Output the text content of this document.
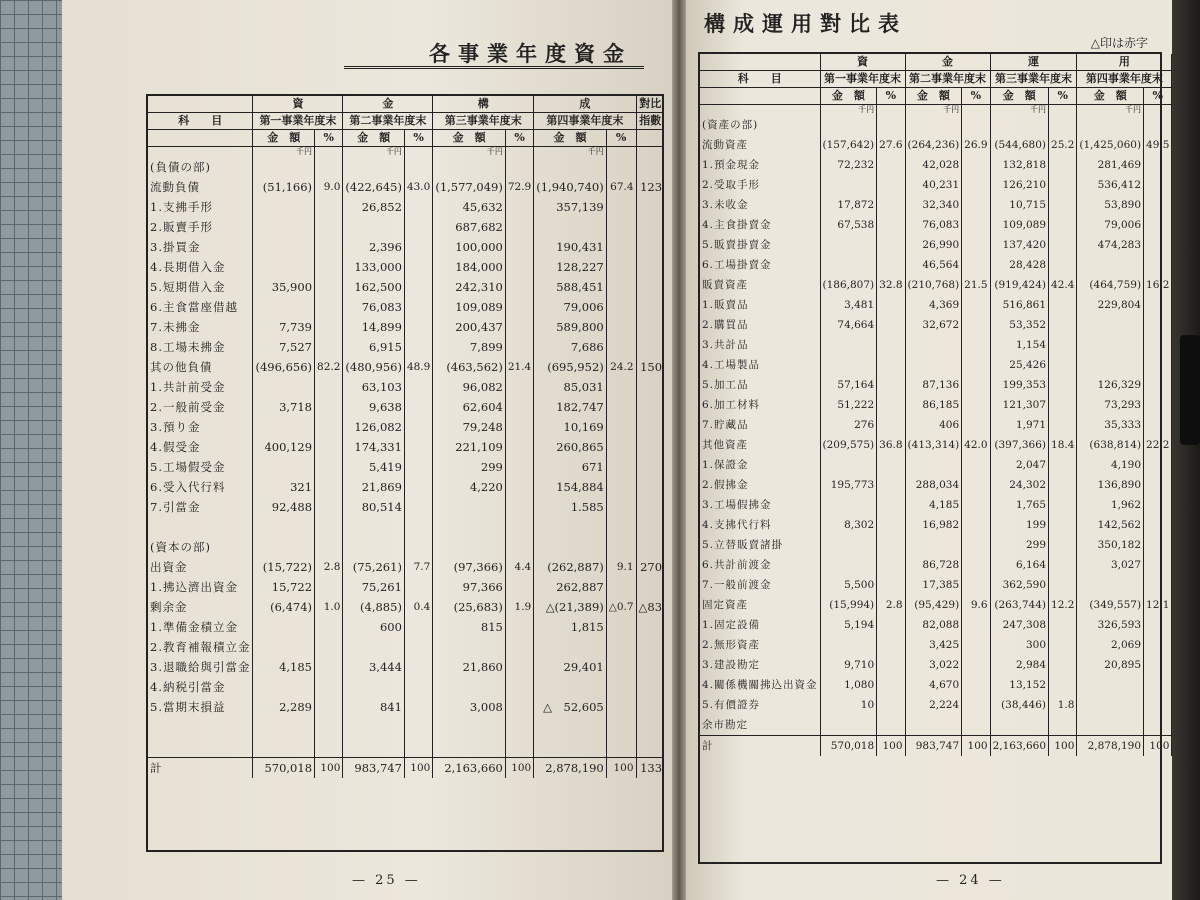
各事業年度資金
	資		金		構		成		對比
科　　目	第一事業年度末		第二事業年度末		第三事業年度末		第四事業年度末		指數
	金　額	%	金　額	%	金　額	%	金　額	%	
	千円		千円		千円		千円		
(負債の部)									
流動負債	(51,166)	9.0	(422,645)	43.0	(1,577,049)	72.9	(1,940,740)	67.4	123
1.支拂手形			26,852		45,632		357,139		
2.販賣手形					687,682				
3.掛買金			2,396		100,000		190,431		
4.長期借入金			133,000		184,000		128,227		
5.短期借入金	35,900		162,500		242,310		588,451		
6.主食當座借越			76,083		109,089		79,006		
7.未拂金	7,739		14,899		200,437		589,800		
8.工場未拂金	7,527		6,915		7,899		7,686		
其の他負債	(496,656)	82.2	(480,956)	48.9	(463,562)	21.4	(695,952)	24.2	150
1.共計前受金			63,103		96,082		85,031		
2.一般前受金	3,718		9,638		62,604		182,747		
3.預り金			126,082		79,248		10,169		
4.假受金	400,129		174,331		221,109		260,865		
5.工場假受金			5,419		299		671		
6.受入代行料	321		21,869		4,220		154,884		
7.引當金	92,488		80,514				1.585		

(資本の部)									
出資金	(15,722)	2.8	(75,261)	7.7	(97,366)	4.4	(262,887)	9.1	270
1.拂込濟出資金	15,722		75,261		97,366		262,887		
剰余金	(6,474)	1.0	(4,885)	0.4	(25,683)	1.9	△(21,389)	△0.7	△83
1.準備金積立金			600		815		1,815		
2.教育補報積立金									
3.退職給與引當金	4,185		3,444		21,860		29,401		
4.納税引當金									
5.當期末損益	2,289		841		3,008		△　52,605		

計	570,018	100	983,747	100	2,163,660	100	2,878,190	100	133
— 25 —
構成運用對比表
△印は赤字
	資		金		運		用	
科　　目	第一事業年度末		第二事業年度末		第三事業年度末		第四事業年度末	
	金　額	%	金　額	%	金　額	%	金　額	%	
	千円		千円		千円		千円		
(資產の部)									
流動資產	(157,642)	27.6	(264,236)	26.9	(544,680)	25.2	(1,425,060)	49.5	
1.預金現金	72,232		42,028		132,818		281,469		
2.受取手形			40,231		126,210		536,412		
3.未收金	17,872		32,340		10,715		53,890		
4.主食掛賣金	67,538		76,083		109,089		79,006		
5.販賣掛賣金			26,990		137,420		474,283		
6.工場掛賣金			46,564		28,428				
販賣資產	(186,807)	32.8	(210,768)	21.5	(919,424)	42.4	(464,759)	16.2	
1.販賣品	3,481		4,369		516,861		229,804		
2.購買品	74,664		32,672		53,352				
3.共計品					1,154				
4.工場製品					25,426				
5.加工品	57,164		87,136		199,353		126,329		
6.加工材料	51,222		86,185		121,307		73,293		
7.貯藏品	276		406		1,971		35,333		
其他資產	(209,575)	36.8	(413,314)	42.0	(397,366)	18.4	(638,814)	22.2	
1.保證金					2,047		4,190		
2.假拂金	195,773		288,034		24,302		136,890		
3.工場假拂金			4,185		1,765		1,962		
4.支拂代行料	8,302		16,982		199		142,562		
5.立替販賣諸掛					299		350,182		
6.共計前渡金			86,728		6,164		3,027		
7.一般前渡金	5,500		17,385		362,590				
固定資產	(15,994)	2.8	(95,429)	9.6	(263,744)	12.2	(349,557)	12.1	
1.固定設備	5,194		82,088		247,308		326,593		
2.無形資產			3,425		300		2,069		
3.建設勘定	9,710		3,022		2,984		20,895		
4.關係機關拂込出資金	1,080		4,670		13,152				
5.有價證券	10		2,224		(38,446)	1.8			
余市勘定									
計	570,018	100	983,747	100	2,163,660	100	2,878,190	100	
— 24 —
